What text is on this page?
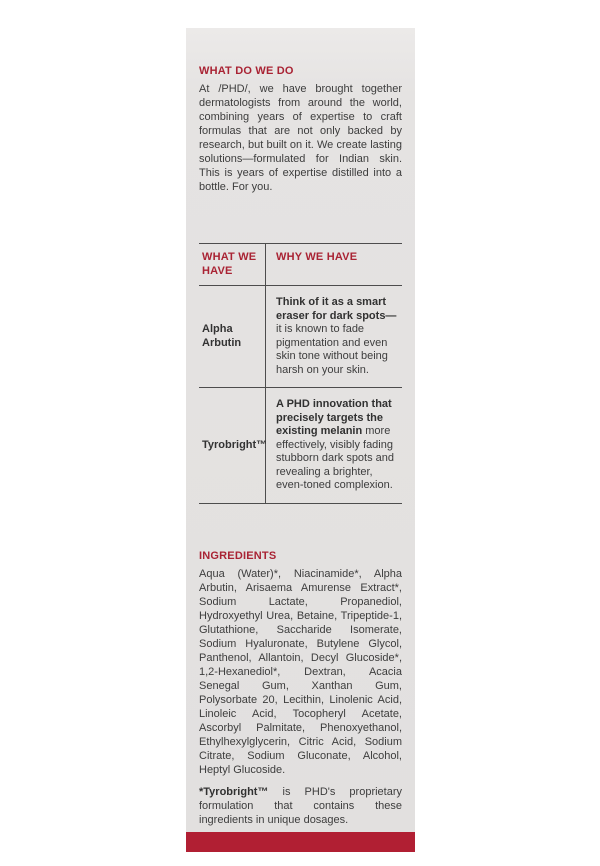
WHAT DO WE DO

At /PHD/, we have brought together dermatologists from around the world, combining years of expertise to craft formulas that are not only backed by research, but built on it. We create lasting solutions—formulated for Indian skin. This is years of expertise distilled into a bottle. For you.

WHAT WE HAVE
WHY WE HAVE
Alpha Arbutin
Think of it as a smart eraser for dark spots—it is known to fade pigmentation and even skin tone without being harsh on your skin.
Tyrobright™
A PHD innovation that precisely targets the existing melanin more effectively, visibly fading stubborn dark spots and revealing a brighter, even-toned complexion.
INGREDIENTS

Aqua (Water)*, Niacinamide*, Alpha Arbutin, Arisaema Amurense Extract*, Sodium Lactate, Propanediol, Hydroxyethyl Urea, Betaine, Tripeptide-1, Glutathione, Saccharide Isomerate, Sodium Hyaluronate, Butylene Glycol, Panthenol, Allantoin, Decyl Glucoside*, 1,2-Hexanediol*, Dextran, Acacia Senegal Gum, Xanthan Gum, Polysorbate 20, Lecithin, Linolenic Acid, Linoleic Acid, Tocopheryl Acetate, Ascorbyl Palmitate, Phenoxyethanol, Ethylhexylglycerin, Citric Acid, Sodium Citrate, Sodium Gluconate, Alcohol, Heptyl Glucoside.

*Tyrobright™ is PHD's proprietary formulation that contains these ingredients in unique dosages.
